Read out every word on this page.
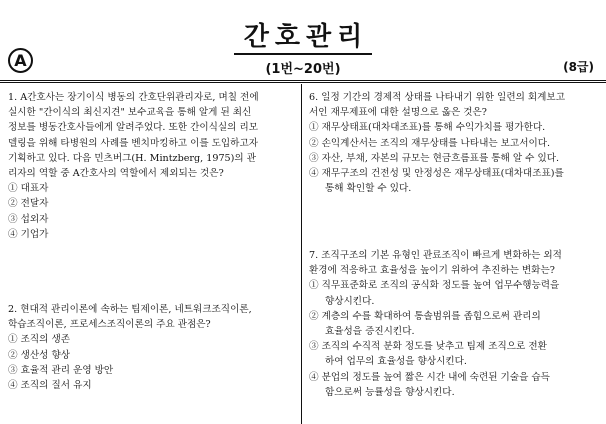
A
간호관리
(1번~20번)	(8급)

1. A간호사는 장기이식 병동의 간호단위관리자로, 며칠 전에
실시한 "간이식의 최신지견" 보수교육을 통해 알게 된 최신
정보를 병동간호사들에게 알려주었다. 또한 간이식실의 리모
델링을 위해 타병원의 사례를 벤치마킹하고 이를 도입하고자
기획하고 있다. 다음 민츠버그(H. Mintzberg, 1975)의 관
리자의 역할 중 A간호사의 역할에서 제외되는 것은?

① 대표자
② 전달자
③ 섭외자
④ 기업가

2. 현대적 관리이론에 속하는 팀제이론, 네트워크조직이론,
학습조직이론, 프로세스조직이론의 주요 관점은?

① 조직의 생존
② 생산성 향상
③ 효율적 관리 운영 방안
④ 조직의 질서 유지

6. 일정 기간의 경제적 상태를 나타내기 위한 일련의 회계보고
서인 재무제표에 대한 설명으로 옳은 것은?

① 재무상태표(대차대조표)를 통해 수익가치를 평가한다.
② 손익계산서는 조직의 재무상태를 나타내는 보고서이다.
③ 자산, 부채, 자본의 규모는 현금흐름표를 통해 알 수 있다.
④ 재무구조의 건전성 및 안정성은 재무상태표(대차대조표)를
통해 확인할 수 있다.

7. 조직구조의 기본 유형인 관료조직이 빠르게 변화하는 외적
환경에 적응하고 효율성을 높이기 위하여 추진하는 변화는?

① 직무표준화로 조직의 공식화 정도를 높여 업무수행능력을
향상시킨다.
② 계층의 수를 확대하여 통솔범위를 좁힘으로써 관리의
효율성을 증진시킨다.
③ 조직의 수직적 분화 정도를 낮추고 팀제 조직으로 전환
하여 업무의 효율성을 향상시킨다.
④ 분업의 정도를 높여 짧은 시간 내에 숙련된 기술을 습득
함으로써 능률성을 향상시킨다.
